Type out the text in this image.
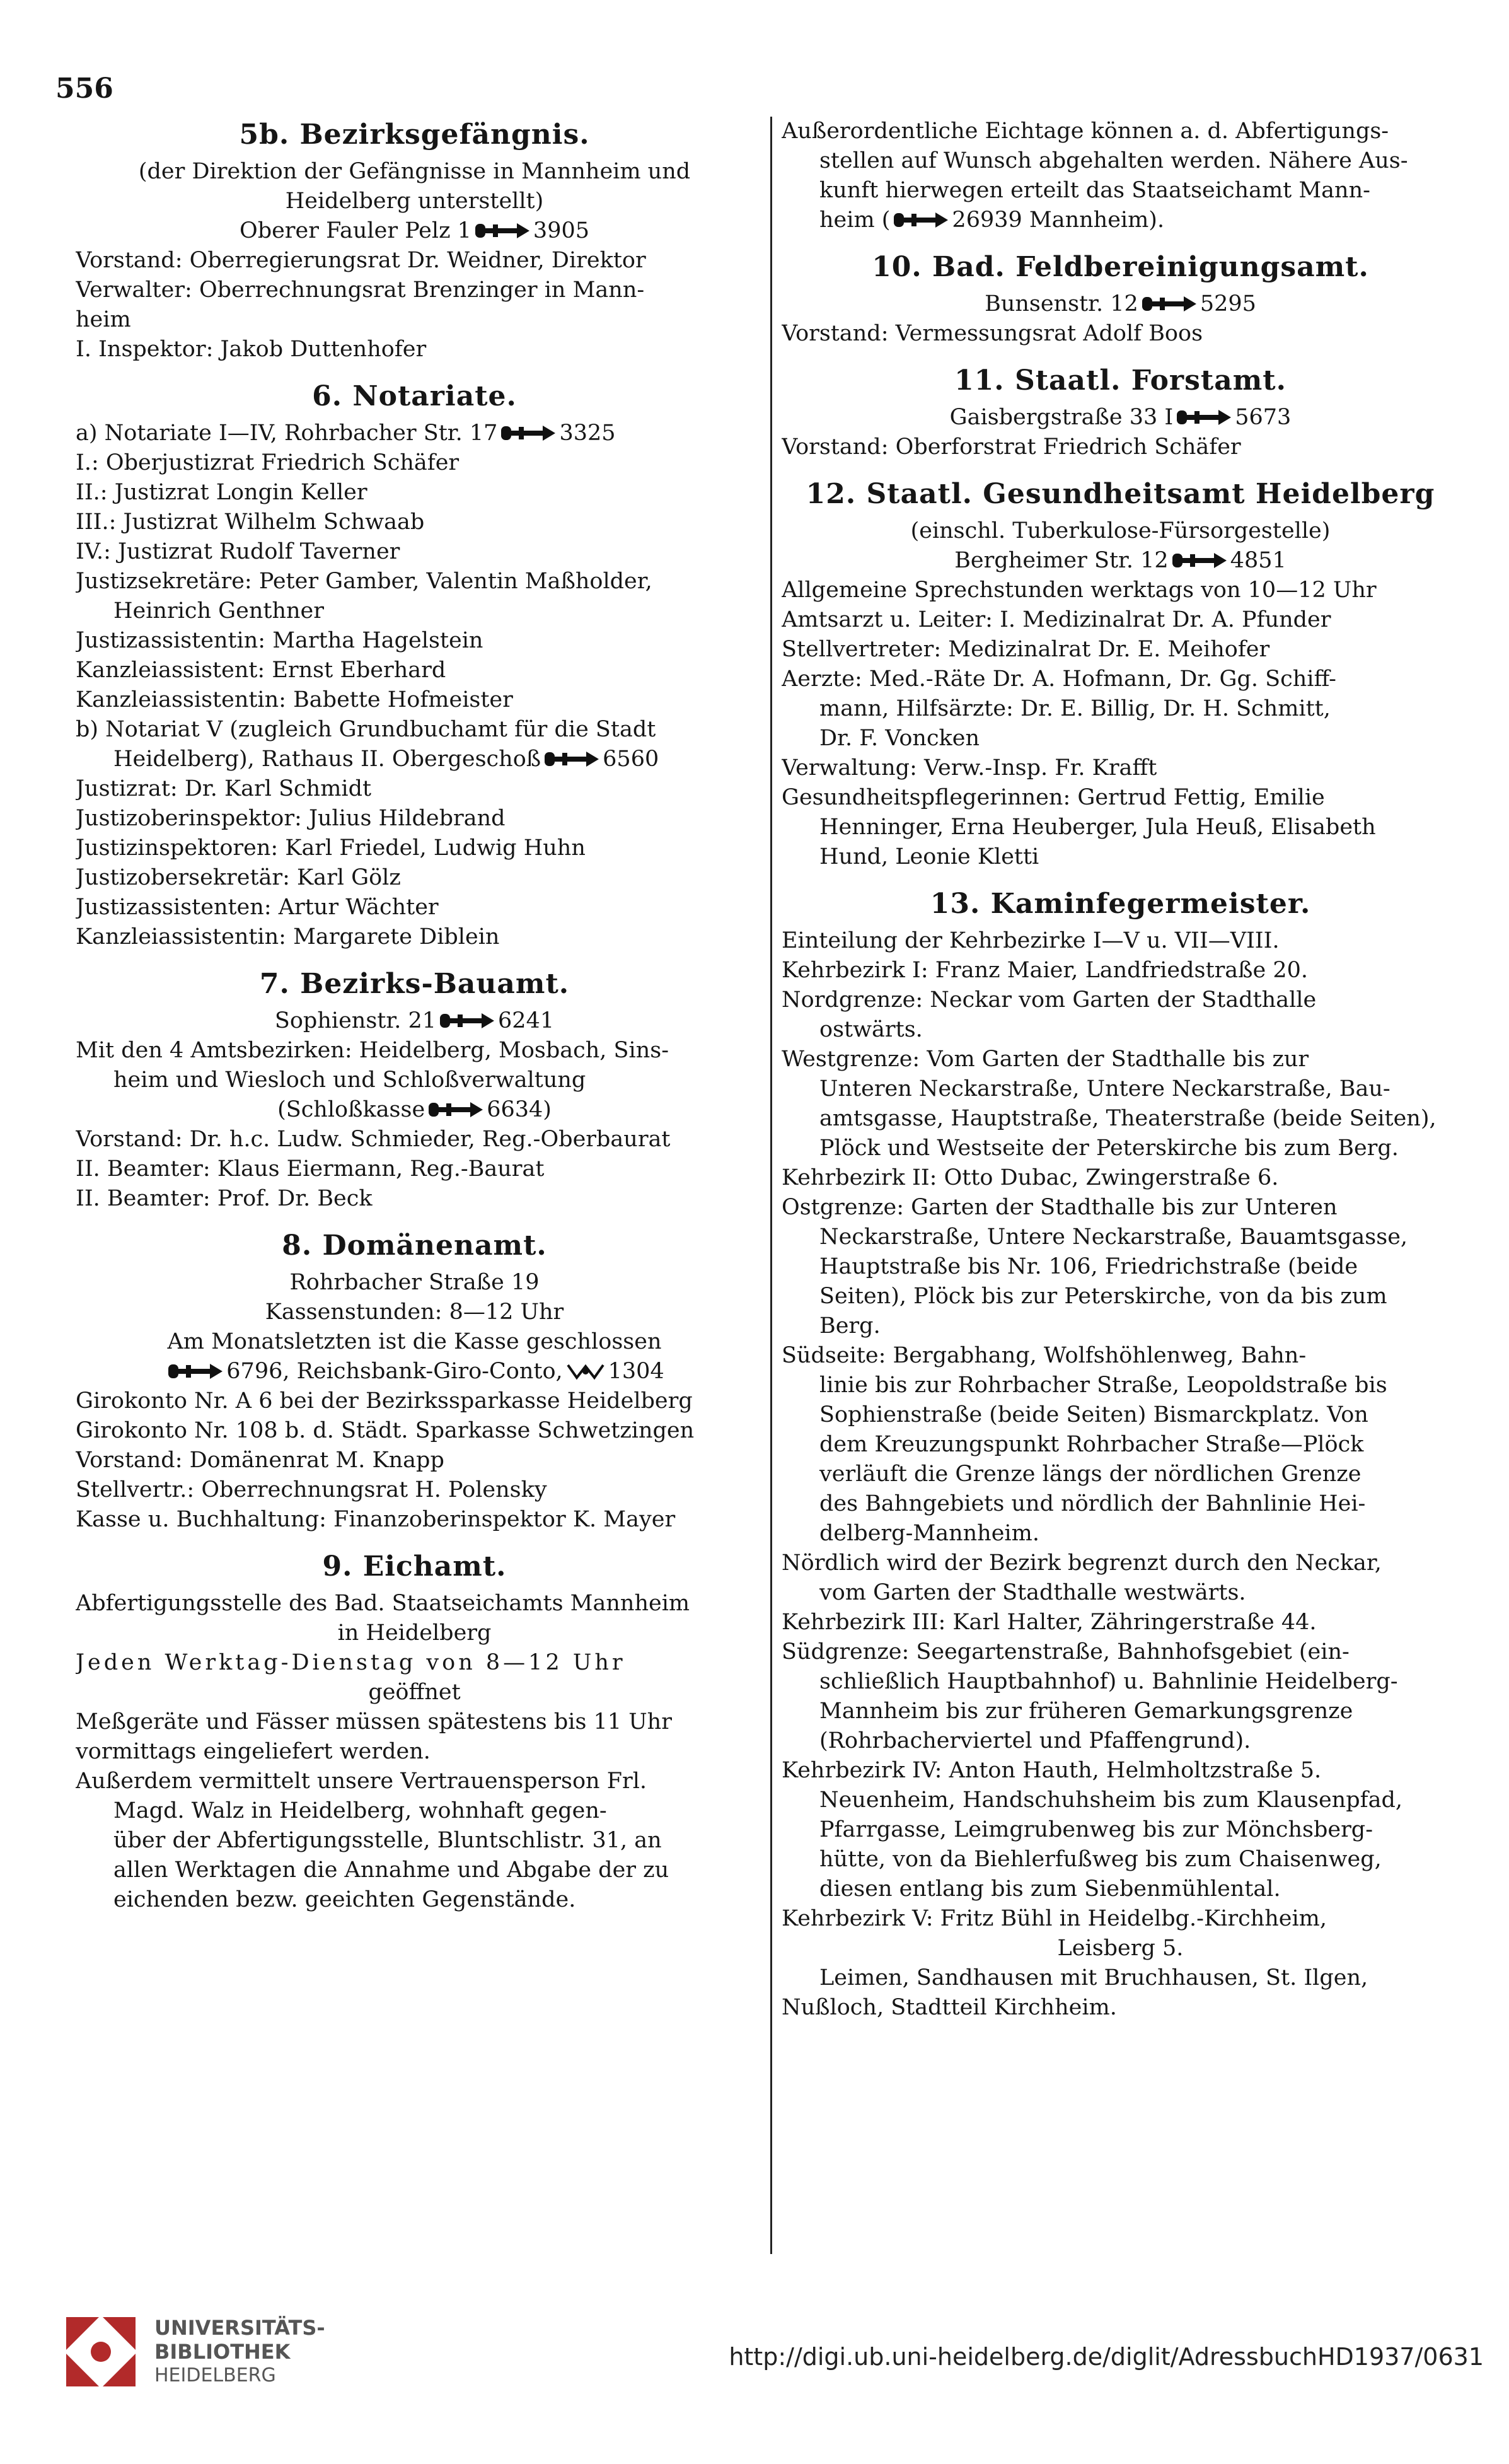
556
5b. Bezirksgefängnis.
(der Direktion der Gefängnisse in Mannheim und
Heidelberg unterstellt)
Oberer Fauler Pelz 1	3905
Vorstand: Oberregierungsrat Dr. Weidner, Direktor
Verwalter: Oberrechnungsrat Brenzinger in Mann-
heim
I. Inspektor: Jakob Duttenhofer
6. Notariate.
a) Notariate I—IV, Rohrbacher Str. 17	3325
I.: Oberjustizrat Friedrich Schäfer
II.: Justizrat Longin Keller
III.: Justizrat Wilhelm Schwaab
IV.: Justizrat Rudolf Taverner
Justizsekretäre: Peter Gamber, Valentin Maßholder,
Heinrich Genthner
Justizassistentin: Martha Hagelstein
Kanzleiassistent: Ernst Eberhard
Kanzleiassistentin: Babette Hofmeister
b) Notariat V (zugleich Grundbuchamt für die Stadt
Heidelberg), Rathaus II. Obergeschoß	6560
Justizrat: Dr. Karl Schmidt
Justizoberinspektor: Julius Hildebrand
Justizinspektoren: Karl Friedel, Ludwig Huhn
Justizobersekretär: Karl Gölz
Justizassistenten: Artur Wächter
Kanzleiassistentin: Margarete Diblein
7. Bezirks-Bauamt.
Sophienstr. 21	6241
Mit den 4 Amtsbezirken: Heidelberg, Mosbach, Sins-
heim und Wiesloch und Schloßverwaltung
(Schloßkasse	6634)
Vorstand: Dr. h.c. Ludw. Schmieder, Reg.-Oberbaurat
II. Beamter: Klaus Eiermann, Reg.-Baurat
II. Beamter: Prof. Dr. Beck
8. Domänenamt.
Rohrbacher Straße 19
Kassenstunden: 8—12 Uhr
Am Monatsletzten ist die Kasse geschlossen
6796, Reichsbank-Giro-Conto, 1304
Girokonto Nr. A 6 bei der Bezirkssparkasse Heidelberg
Girokonto Nr. 108 b. d. Städt. Sparkasse Schwetzingen
Vorstand: Domänenrat M. Knapp
Stellvertr.: Oberrechnungsrat H. Polensky
Kasse u. Buchhaltung: Finanzoberinspektor K. Mayer
9. Eichamt.
Abfertigungsstelle des Bad. Staatseichamts Mannheim
in Heidelberg
Jeden Werktag-Dienstag von 8—12 Uhr
geöffnet
Meßgeräte und Fässer müssen spätestens bis 11 Uhr
vormittags eingeliefert werden.
Außerdem vermittelt unsere Vertrauensperson Frl.
Magd. Walz in Heidelberg, wohnhaft gegen-
über der Abfertigungsstelle, Bluntschlistr. 31, an
allen Werktagen die Annahme und Abgabe der zu
eichenden bezw. geeichten Gegenstände.
Außerordentliche Eichtage können a. d. Abfertigungs-
stellen auf Wunsch abgehalten werden. Nähere Aus-
kunft hierwegen erteilt das Staatseichamt Mann-
heim (	26939 Mannheim).
10. Bad. Feldbereinigungsamt.
Bunsenstr. 12	5295
Vorstand: Vermessungsrat Adolf Boos
11. Staatl. Forstamt.
Gaisbergstraße 33 I	5673
Vorstand: Oberforstrat Friedrich Schäfer
12. Staatl. Gesundheitsamt Heidelberg
(einschl. Tuberkulose-Fürsorgestelle)
Bergheimer Str. 12	4851
Allgemeine Sprechstunden werktags von 10—12 Uhr
Amtsarzt u. Leiter: I. Medizinalrat Dr. A. Pfunder
Stellvertreter: Medizinalrat Dr. E. Meihofer
Aerzte: Med.-Räte Dr. A. Hofmann, Dr. Gg. Schiff-
mann, Hilfsärzte: Dr. E. Billig, Dr. H. Schmitt,
Dr. F. Voncken
Verwaltung: Verw.-Insp. Fr. Krafft
Gesundheitspflegerinnen: Gertrud Fettig, Emilie
Henninger, Erna Heuberger, Jula Heuß, Elisabeth
Hund, Leonie Kletti
13. Kaminfegermeister.
Einteilung der Kehrbezirke I—V u. VII—VIII.
Kehrbezirk I: Franz Maier, Landfriedstraße 20.
Nordgrenze: Neckar vom Garten der Stadthalle
ostwärts.
Westgrenze: Vom Garten der Stadthalle bis zur
Unteren Neckarstraße, Untere Neckarstraße, Bau-
amtsgasse, Hauptstraße, Theaterstraße (beide Seiten),
Plöck und Westseite der Peterskirche bis zum Berg.
Kehrbezirk II: Otto Dubac, Zwingerstraße 6.
Ostgrenze: Garten der Stadthalle bis zur Unteren
Neckarstraße, Untere Neckarstraße, Bauamtsgasse,
Hauptstraße bis Nr. 106, Friedrichstraße (beide
Seiten), Plöck bis zur Peterskirche, von da bis zum
Berg.
Südseite: Bergabhang, Wolfshöhlenweg, Bahn-
linie bis zur Rohrbacher Straße, Leopoldstraße bis
Sophienstraße (beide Seiten) Bismarckplatz. Von
dem Kreuzungspunkt Rohrbacher Straße—Plöck
verläuft die Grenze längs der nördlichen Grenze
des Bahngebiets und nördlich der Bahnlinie Hei-
delberg-Mannheim.
Nördlich wird der Bezirk begrenzt durch den Neckar,
vom Garten der Stadthalle westwärts.
Kehrbezirk III: Karl Halter, Zähringerstraße 44.
Südgrenze: Seegartenstraße, Bahnhofsgebiet (ein-
schließlich Hauptbahnhof) u. Bahnlinie Heidelberg-
Mannheim bis zur früheren Gemarkungsgrenze
(Rohrbacherviertel und Pfaffengrund).
Kehrbezirk IV: Anton Hauth, Helmholtzstraße 5.
Neuenheim, Handschuhsheim bis zum Klausenpfad,
Pfarrgasse, Leimgrubenweg bis zur Mönchsberg-
hütte, von da Biehlerfußweg bis zum Chaisenweg,
diesen entlang bis zum Siebenmühlental.
Kehrbezirk V: Fritz Bühl in Heidelbg.-Kirchheim,
Leisberg 5.
Leimen, Sandhausen mit Bruchhausen, St. Ilgen,
Nußloch, Stadtteil Kirchheim.
UNIVERSITÄTS-
BIBLIOTHEK
HEIDELBERG
http://digi.ub.uni-heidelberg.de/diglit/AdressbuchHD1937/0631
